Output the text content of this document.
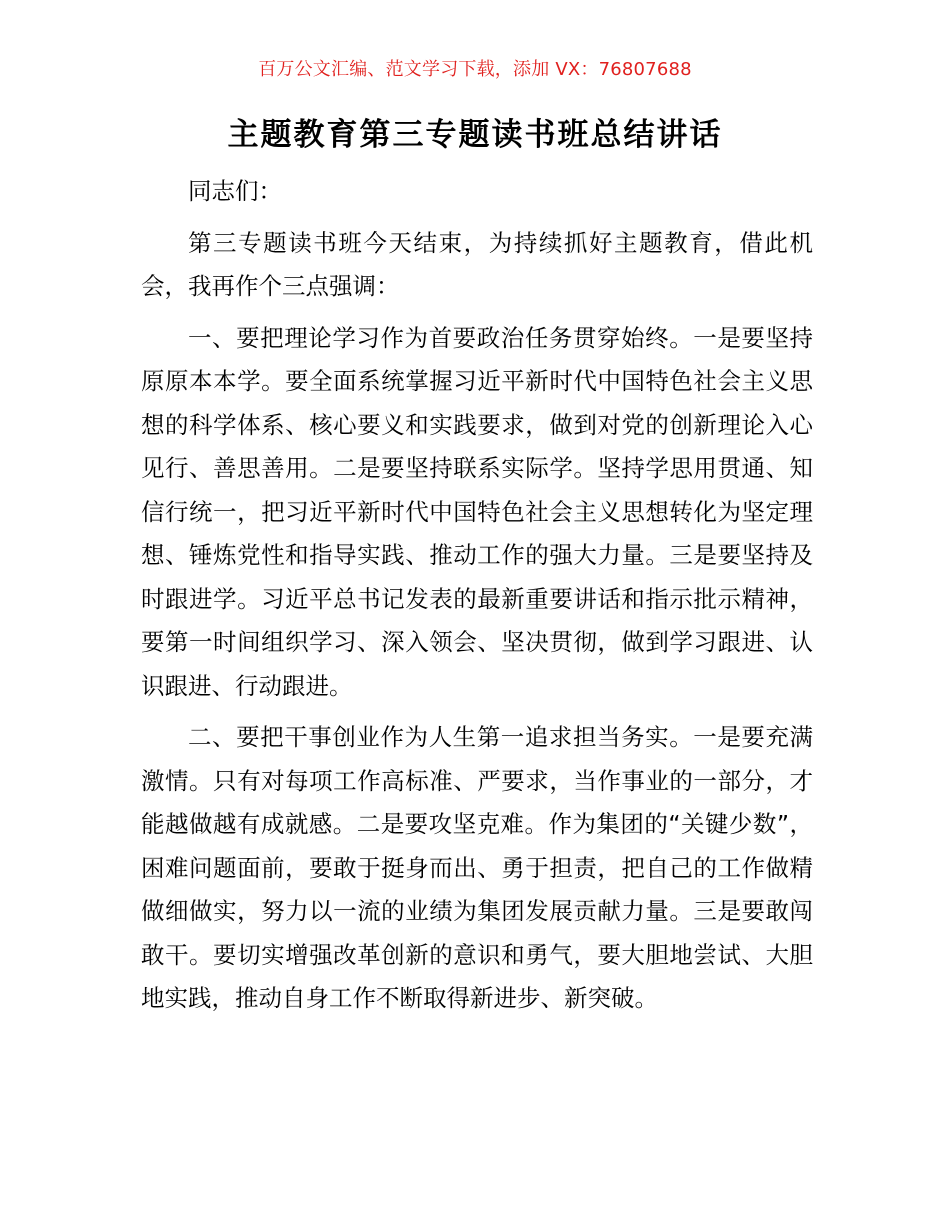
百万公文汇编、范文学习下载，添加 VX：76807688
主题教育第三专题读书班总结讲话

同志们：

第三专题读书班今天结束，为持续抓好主题教育，借此机会，我再作个三点强调：

一、要把理论学习作为首要政治任务贯穿始终。一是要坚持原原本本学。要全面系统掌握习近平新时代中国特色社会主义思想的科学体系、核心要义和实践要求，做到对党的创新理论入心见行、善思善用。二是要坚持联系实际学。坚持学思用贯通、知信行统一，把习近平新时代中国特色社会主义思想转化为坚定理想、锤炼党性和指导实践、推动工作的强大力量。三是要坚持及时跟进学。习近平总书记发表的最新重要讲话和指示批示精神，要第一时间组织学习、深入领会、坚决贯彻，做到学习跟进、认识跟进、行动跟进。

二、要把干事创业作为人生第一追求担当务实。一是要充满激情。只有对每项工作高标准、严要求，当作事业的一部分，才能越做越有成就感。二是要攻坚克难。作为集团的“关键少数”，困难问题面前，要敢于挺身而出、勇于担责，把自己的工作做精做细做实，努力以一流的业绩为集团发展贡献力量。三是要敢闯敢干。要切实增强改革创新的意识和勇气，要大胆地尝试、大胆地实践，推动自身工作不断取得新进步、新突破。
